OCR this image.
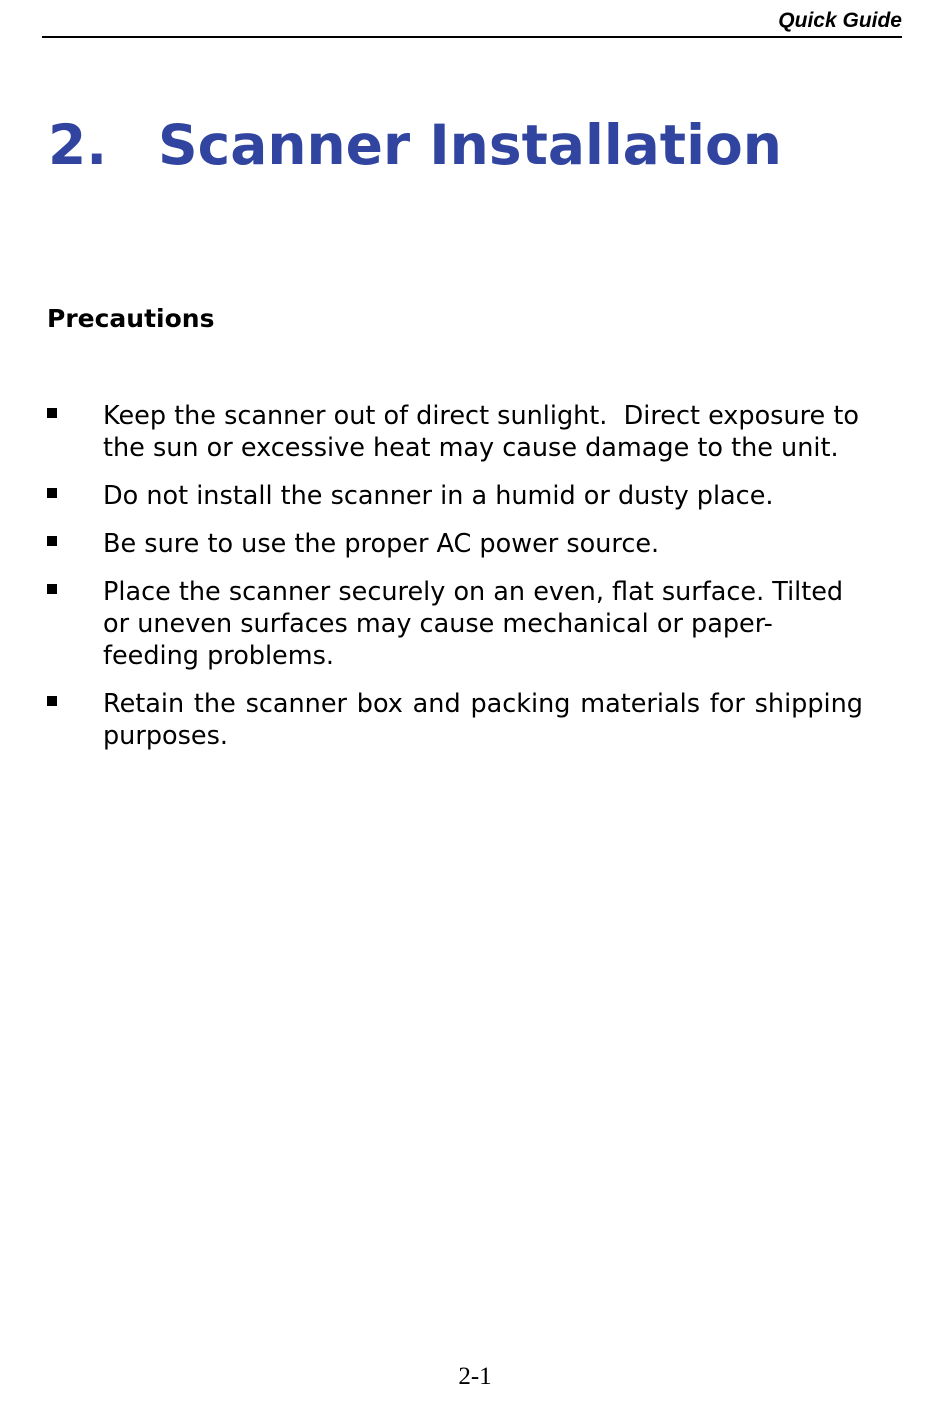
Quick Guide
2. Scanner Installation
Precautions
Keep the scanner out of direct sunlight.  Direct exposure to the sun or excessive heat may cause damage to the unit.
Do not install the scanner in a humid or dusty place.
Be sure to use the proper AC power source.
Place the scanner securely on an even, flat surface. Tilted or uneven surfaces may cause mechanical or paper-feeding problems.
Retain the scanner box and packing materials for shipping purposes.
2-1
